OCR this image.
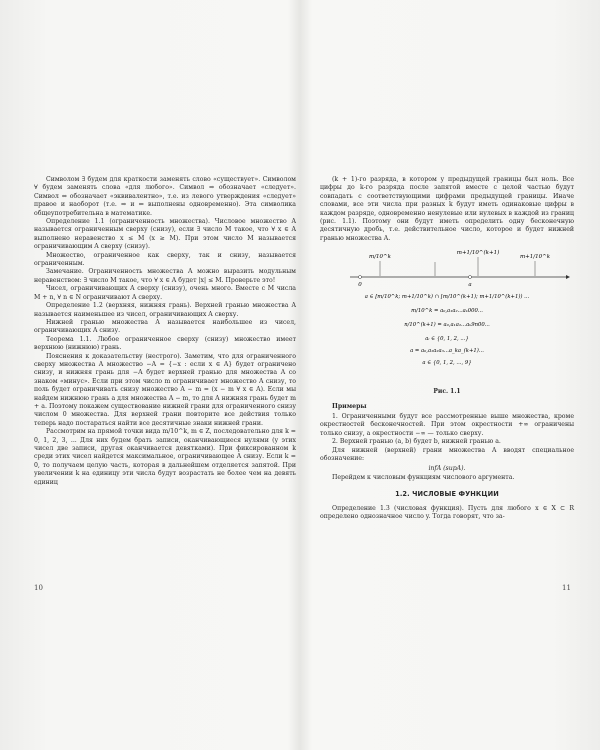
Символом ∃ будем для краткости заменять слово «существует». Символом ∀ будем заменять слова «для любого». Символ ⇒ обозначает «следует». Символ ⇔ обозначает «эквивалентно», т.е. из левого утверждения «следует» правое и наоборот (т.е. ⇒ и ⇐ выполнены одновременно). Эта символика общеупотребительна в математике.

Определение 1.1 (ограниченность множества). Числовое множество A называется ограниченным сверху (снизу), если ∃ число M такое, что ∀ x ∈ A выполнено неравенство x ≤ M (x ≥ M). При этом число M называется ограничивающим A сверху (снизу).

Множество, ограниченное как сверху, так и снизу, называется ограниченным.

Замечание. Ограниченность множества A можно выразить модульным неравенством: ∃ число M такое, что ∀ x ∈ A будет |x| ≤ M. Проверьте это!

Чисел, ограничивающих A сверху (снизу), очень много. Вместе с M числа M + n, ∀ n ∈ N ограничивают A сверху.

Определение 1.2 (верхняя, нижняя грань). Верхней гранью множества A называется наименьшее из чисел, ограничивающих A сверху.

Нижней гранью множества A называется наибольшее из чисел, ограничивающих A снизу.

Теорема 1.1. Любое ограниченное сверху (снизу) множество имеет верхнюю (нижнюю) грань.

Пояснения к доказательству (нестрого). Заметим, что для ограниченного сверху множества A множество −A = {−x : если x ∈ A} будет ограничено снизу, и нижняя грань для −A будет верхней гранью для множества A со знаком «минус». Если при этом число m ограничивает множество A снизу, то поль будет ограничивать снизу множество A − m = (x − m ∀ x ∈ A). Если мы найдем нижнюю грань a для множества A − m, то для A нижняя грань будет m + a. Поэтому покажем существование нижней грани для ограниченного снизу числом 0 множества. Для верхней грани повторите все действия только теперь надо постараться найти все десятичные знаки нижней грани.

Рассмотрим на прямой точки вида m/10^k, m ∈ Z, последовательно для k = 0, 1, 2, 3, ... Для них будем брать записи, оканчивающиеся нулями (у этих чисел две записи, другая оканчивается девятками). При фиксированном k среди этих чисел найдется максимальное, ограничивающее A снизу. Если k = 0, то получаем целую часть, которая в дальнейшем отделяется запятой. При увеличении k на единицу эти числа будут возрастать не более чем на девять единиц

10

(k + 1)-го разряда, в котором у предыдущей границы был ноль. Все цифры до k-го разряда после запятой вместе с целой частью будут совпадать с соответствующими цифрами предыдущей границы. Иначе словами, все эти числа при разных k будут иметь одинаковые цифры в каждом разряде, одновременно ненулевые или нулевых в каждой из границ (рис. 1.1). Поэтому они будут иметь определить одну бесконечную десятичную дробь, т.е. действительное число, которое и будет нижней гранью множества A.

m/10^k
m+1/10^(k+1)
m+1/10^k
0	a
a ∈ [m/10^k; m+1/10^k) ∩ [m/10^(k+1); m+1/10^(k+1)) ...
m/10^k = a₀,a₁a₂...aₖ000...
n/10^(k+1) = a₀,a₁a₂...aₖ9n00...
aᵢ ∈ {0, 1, 2, ...}
a = a₀,a₁a₂a₃...a_ka_(k+1)...
a ∈ {0, 1, 2, ..., 9}
Рис. 1.1

Примеры

1. Ограниченными будут все рассмотренные выше множества, кроме окрестностей бесконечностей. При этом окрестности +∞ ограничены только снизу, а окрестности −∞ — только сверху.

2. Верхней гранью (a, b) будет b, нижней гранью a.

Для нижней (верхней) грани множества A вводят специальное обозначение:

infA (supA).

Перейдем к числовым функциям числового аргумента.

1.2. ЧИСЛОВЫЕ ФУНКЦИИ

Определение 1.3 (числовая функция). Пусть для любого x ∈ X ⊂ R определено однозначное число y. Тогда говорят, что за-

11
